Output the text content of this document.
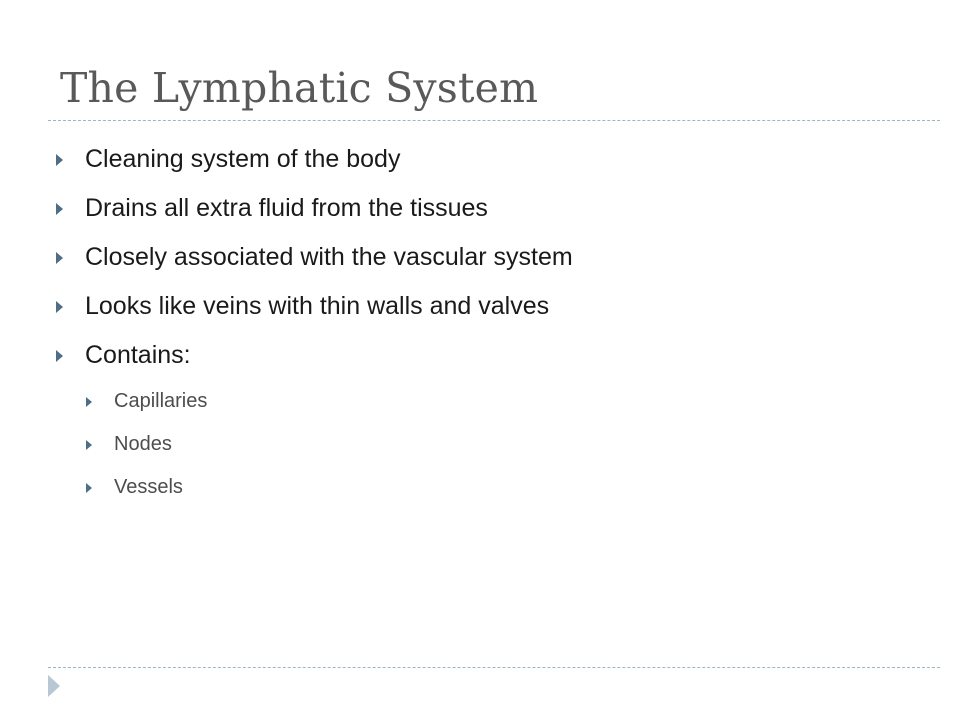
The Lymphatic System
Cleaning system of the body
Drains all extra fluid from the tissues
Closely associated with the vascular system
Looks like veins with thin walls and valves
Contains:
Capillaries
Nodes
Vessels
